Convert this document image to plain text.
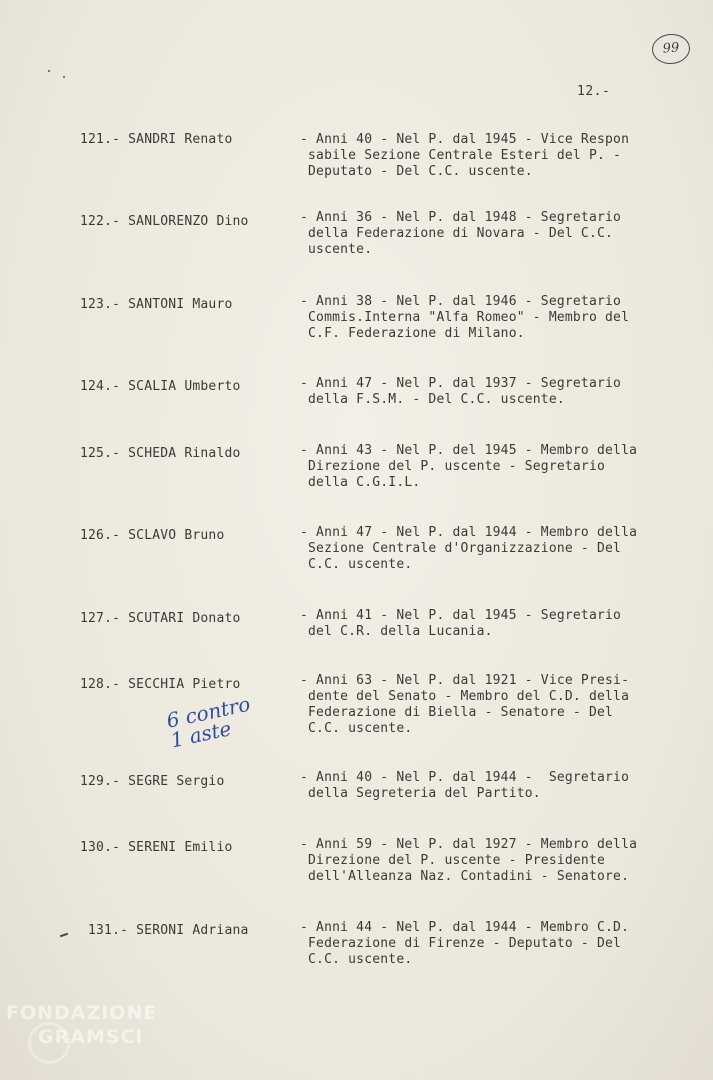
99
12.-
121.- SANDRI Renato	- Anni 40 - Nel P. dal 1945 - Vice Respon
sabile Sezione Centrale Esteri del P. -
Deputato - Del C.C. uscente.
122.- SANLORENZO Dino	- Anni 36 - Nel P. dal 1948 - Segretario
della Federazione di Novara - Del C.C.
uscente.
123.- SANTONI Mauro	- Anni 38 - Nel P. dal 1946 - Segretario
Commis.Interna "Alfa Romeo" - Membro del
C.F. Federazione di Milano.
124.- SCALIA Umberto	- Anni 47 - Nel P. dal 1937 - Segretario
della F.S.M. - Del C.C. uscente.
125.- SCHEDA Rinaldo	- Anni 43 - Nel P. del 1945 - Membro della
Direzione del P. uscente - Segretario
della C.G.I.L.
126.- SCLAVO Bruno	- Anni 47 - Nel P. dal 1944 - Membro della
Sezione Centrale d'Organizzazione - Del
C.C. uscente.
127.- SCUTARI Donato	- Anni 41 - Nel P. dal 1945 - Segretario
del C.R. della Lucania.
128.- SECCHIA Pietro	- Anni 63 - Nel P. dal 1921 - Vice Presi-
dente del Senato - Membro del C.D. della
Federazione di Biella - Senatore - Del
C.C. uscente.
129.- SEGRE Sergio	- Anni 40 - Nel P. dal 1944 -  Segretario
della Segreteria del Partito.
130.- SERENI Emilio	- Anni 59 - Nel P. dal 1927 - Membro della
Direzione del P. uscente - Presidente
dell'Alleanza Naz. Contadini - Senatore.
131.- SERONI Adriana	- Anni 44 - Nel P. dal 1944 - Membro C.D.
Federazione di Firenze - Deputato - Del
C.C. uscente.
6 contro
1 aste
FONDAZIONE
GRAMSCI
